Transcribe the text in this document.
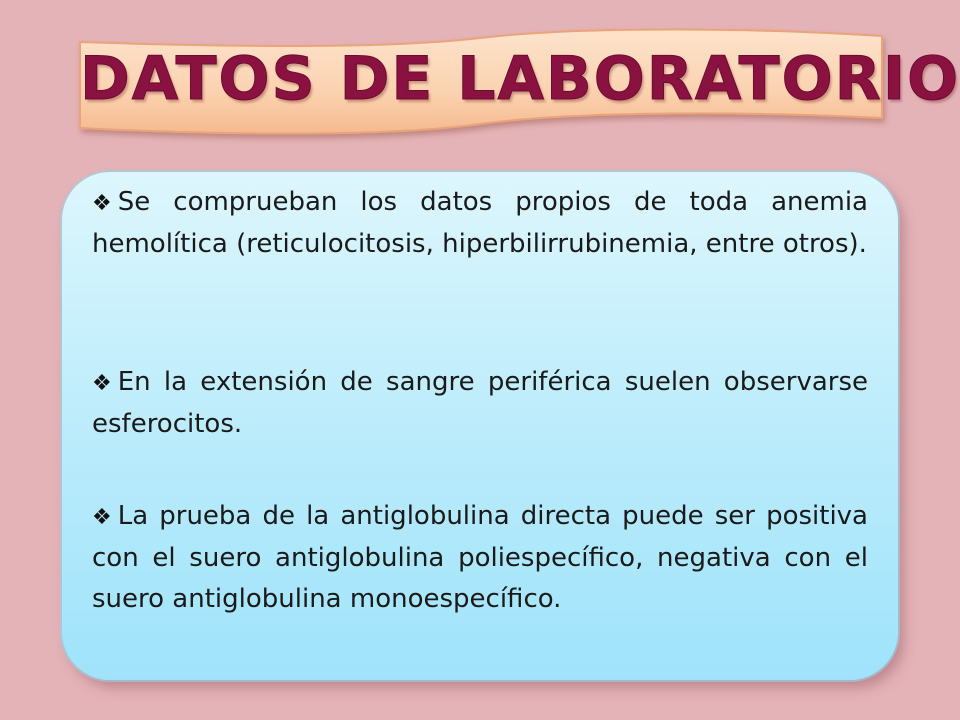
DATOS DE LABORATORIO
❖ Se comprueban los datos propios de toda anemia hemolítica (reticulocitosis, hiperbilirrubinemia, entre otros).
❖ En la extensión de sangre periférica suelen observarse esferocitos.
❖ La prueba de la antiglobulina directa puede ser positiva con el suero antiglobulina poliespecífico, negativa con el suero antiglobulina monoespecífico.
